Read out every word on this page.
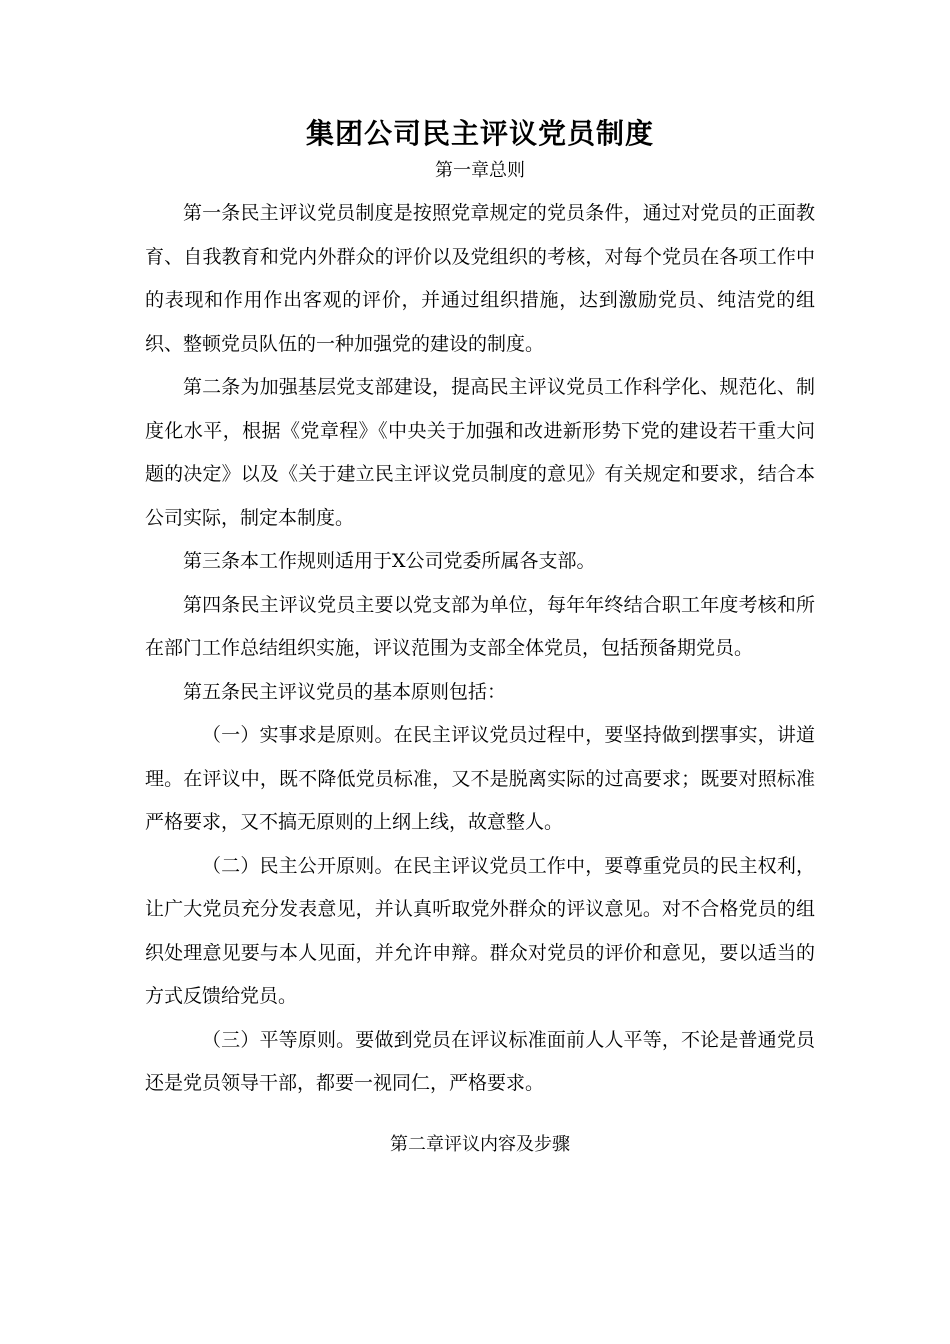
集团公司民主评议党员制度
第一章总则

第一条民主评议党员制度是按照党章规定的党员条件，通过对党员的正面教育、自我教育和党内外群众的评价以及党组织的考核，对每个党员在各项工作中的表现和作用作出客观的评价，并通过组织措施，达到激励党员、纯洁党的组织、整顿党员队伍的一种加强党的建设的制度。

第二条为加强基层党支部建设，提高民主评议党员工作科学化、规范化、制度化水平，根据《党章程》《中央关于加强和改进新形势下党的建设若干重大问题的决定》以及《关于建立民主评议党员制度的意见》有关规定和要求，结合本公司实际，制定本制度。

第三条本工作规则适用于X公司党委所属各支部。

第四条民主评议党员主要以党支部为单位，每年年终结合职工年度考核和所在部门工作总结组织实施，评议范围为支部全体党员，包括预备期党员。

第五条民主评议党员的基本原则包括：

（一）实事求是原则。在民主评议党员过程中，要坚持做到摆事实，讲道理。在评议中，既不降低党员标准，又不是脱离实际的过高要求；既要对照标准严格要求，又不搞无原则的上纲上线，故意整人。

（二）民主公开原则。在民主评议党员工作中，要尊重党员的民主权利，让广大党员充分发表意见，并认真听取党外群众的评议意见。对不合格党员的组织处理意见要与本人见面，并允许申辩。群众对党员的评价和意见，要以适当的方式反馈给党员。

（三）平等原则。要做到党员在评议标准面前人人平等，不论是普通党员还是党员领导干部，都要一视同仁，严格要求。

第二章评议内容及步骤
